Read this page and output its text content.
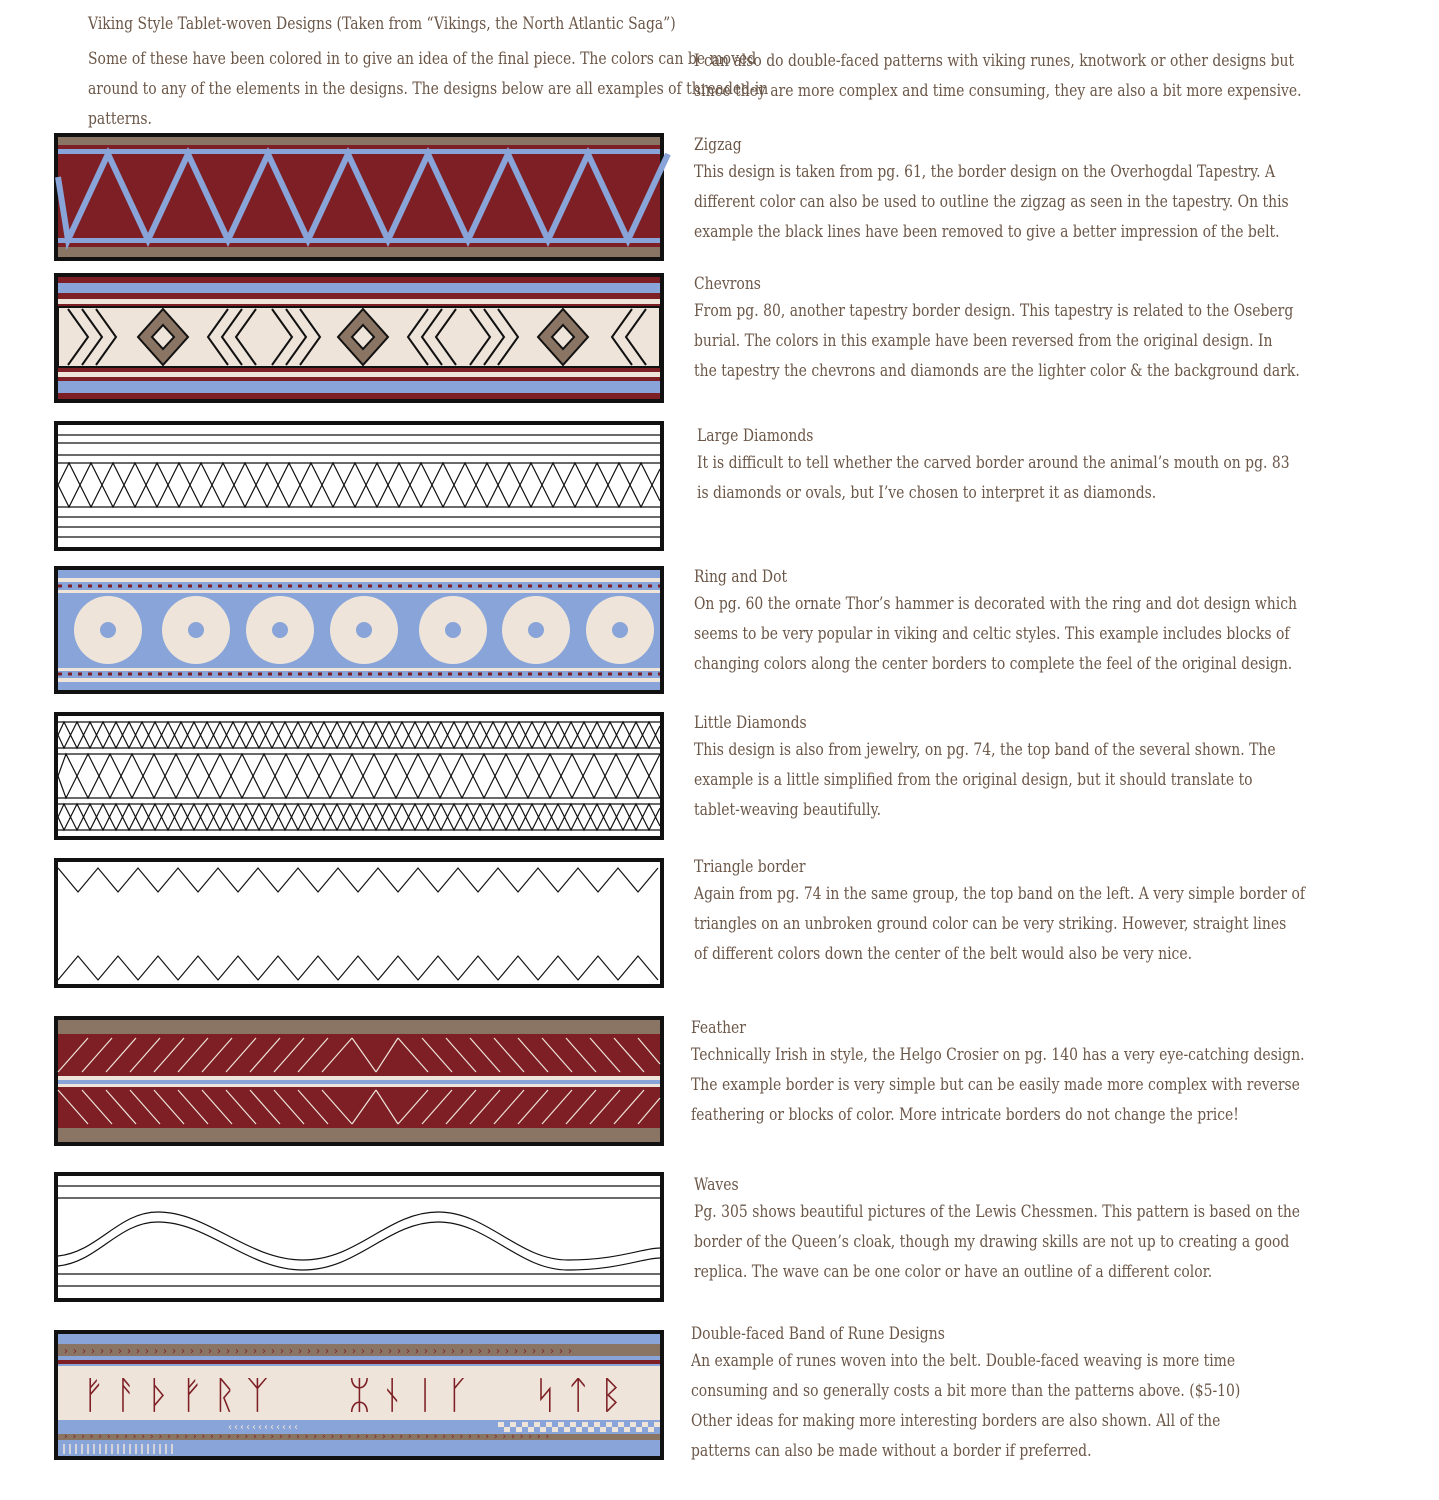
Viking Style Tablet-woven Designs (Taken from “Vikings, the North Atlantic Saga”)
Some of these have been colored in to give an idea of the final piece. The colors can be moved
around to any of the elements in the designs. The designs below are all examples of threaded-in
patterns.
I can also do double-faced patterns with viking runes, knotwork or other designs but
since they are more complex and time consuming, they are also a bit more expensive.
›››››››››››››››››››››››››››››››››››››››››››››››››››››››››
ᚠᚨᚦᚠᚱᛉ ᛯᚾᛁᚴ ᛋᛏᛒ
‹‹‹‹‹‹‹‹‹‹‹‹
›››››››››››››››››››››››››››››››››››››››››››››››››››››››››
Zigzag
This design is taken from pg. 61, the border design on the Overhogdal Tapestry. A
different color can also be used to outline the zigzag as seen in the tapestry. On this
example the black lines have been removed to give a better impression of the belt.
Chevrons
From pg. 80, another tapestry border design. This tapestry is related to the Oseberg
burial. The colors in this example have been reversed from the original design. In
the tapestry the chevrons and diamonds are the lighter color & the background dark.
Large Diamonds
It is difficult to tell whether the carved border around the animal’s mouth on pg. 83
is diamonds or ovals, but I’ve chosen to interpret it as diamonds.
Ring and Dot
On pg. 60 the ornate Thor’s hammer is decorated with the ring and dot design which
seems to be very popular in viking and celtic styles. This example includes blocks of
changing colors along the center borders to complete the feel of the original design.
Little Diamonds
This design is also from jewelry, on pg. 74, the top band of the several shown. The
example is a little simplified from the original design, but it should translate to
tablet-weaving beautifully.
Triangle border
Again from pg. 74 in the same group, the top band on the left. A very simple border of
triangles on an unbroken ground color can be very striking. However, straight lines
of different colors down the center of the belt would also be very nice.
Feather
Technically Irish in style, the Helgo Crosier on pg. 140 has a very eye-catching design.
The example border is very simple but can be easily made more complex with reverse
feathering or blocks of color. More intricate borders do not change the price!
Waves
Pg. 305 shows beautiful pictures of the Lewis Chessmen. This pattern is based on the
border of the Queen’s cloak, though my drawing skills are not up to creating a good
replica. The wave can be one color or have an outline of a different color.
Double-faced Band of Rune Designs
An example of runes woven into the belt. Double-faced weaving is more time
consuming and so generally costs a bit more than the patterns above. ($5-10)
Other ideas for making more interesting borders are also shown. All of the
patterns can also be made without a border if preferred.
